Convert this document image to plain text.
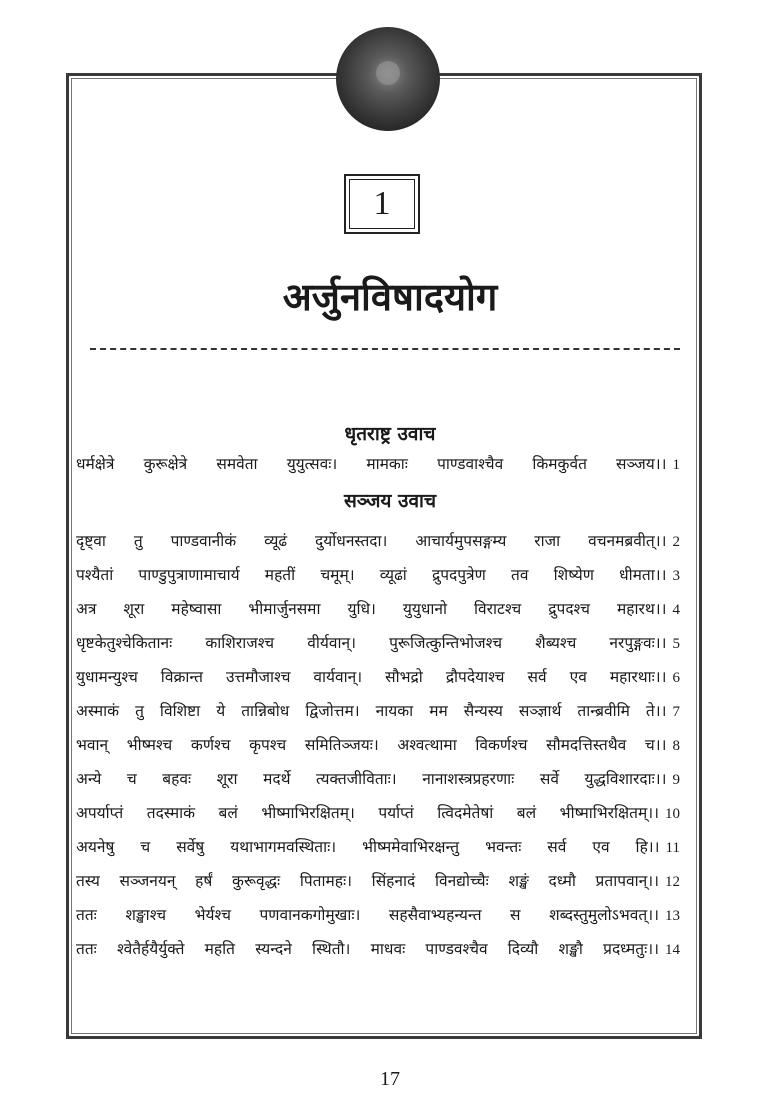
1
अर्जुनविषादयोग
धृतराष्ट्र उवाच
धर्मक्षेत्रे कुरूक्षेत्रे समवेता युयुत्सवः। मामकाः पाण्डवाश्चैव किमकुर्वत सञ्जय।। 1
सञ्जय उवाच
दृष्ट्वा तु पाण्डवानीकं व्यूढं दुर्योधनस्तदा। आचार्यमुपसङ्गम्य राजा वचनमब्रवीत्।। 2
पश्यैतां पाण्डुपुत्राणामाचार्य महतीं चमूम्। व्यूढां द्रुपदपुत्रेण तव शिष्येण धीमता।। 3
अत्र शूरा महेष्वासा भीमार्जुनसमा युधि। युयुधानो विराटश्च द्रुपदश्च महारथ।। 4
धृष्टकेतुश्चेकितानः काशिराजश्च वीर्यवान्। पुरूजित्कुन्तिभोजश्च शैब्यश्च नरपुङ्गवः।। 5
युधामन्युश्च विक्रान्त उत्तमौजाश्च वार्यवान्। सौभद्रो द्रौपदेयाश्च सर्व एव महारथाः।। 6
अस्माकं तु विशिष्टा ये तान्निबोध द्विजोत्तम। नायका मम सैन्यस्य सञ्ज्ञार्थ तान्ब्रवीमि ते।। 7
भवान् भीष्मश्च कर्णश्च कृपश्च समितिञ्जयः। अश्वत्थामा विकर्णश्च सौमदत्तिस्तथैव च।। 8
अन्ये च बहवः शूरा मदर्थे त्यक्तजीविताः। नानाशस्त्रप्रहरणाः सर्वे युद्धविशारदाः।। 9
अपर्याप्तं तदस्माकं बलं भीष्माभिरक्षितम्। पर्याप्तं त्विदमेतेषां बलं भीष्माभिरक्षितम्।। 10
अयनेषु च सर्वेषु यथाभागमवस्थिताः। भीष्ममेवाभिरक्षन्तु भवन्तः सर्व एव हि।। 11
तस्य सञ्जनयन् हर्षं कुरूवृद्धः पितामहः। सिंहनादं विनद्योच्चैः शङ्खं दध्मौ प्रतापवान्।। 12
ततः शङ्खाश्च भेर्यश्च पणवानकगोमुखाः। सहसैवाभ्यहन्यन्त स शब्दस्तुमुलोऽभवत्।। 13
ततः श्वेतैर्हयैर्युक्ते महति स्यन्दने स्थितौ। माधवः पाण्डवश्चैव दिव्यौ शङ्खौ प्रदध्मतुः।। 14
17
